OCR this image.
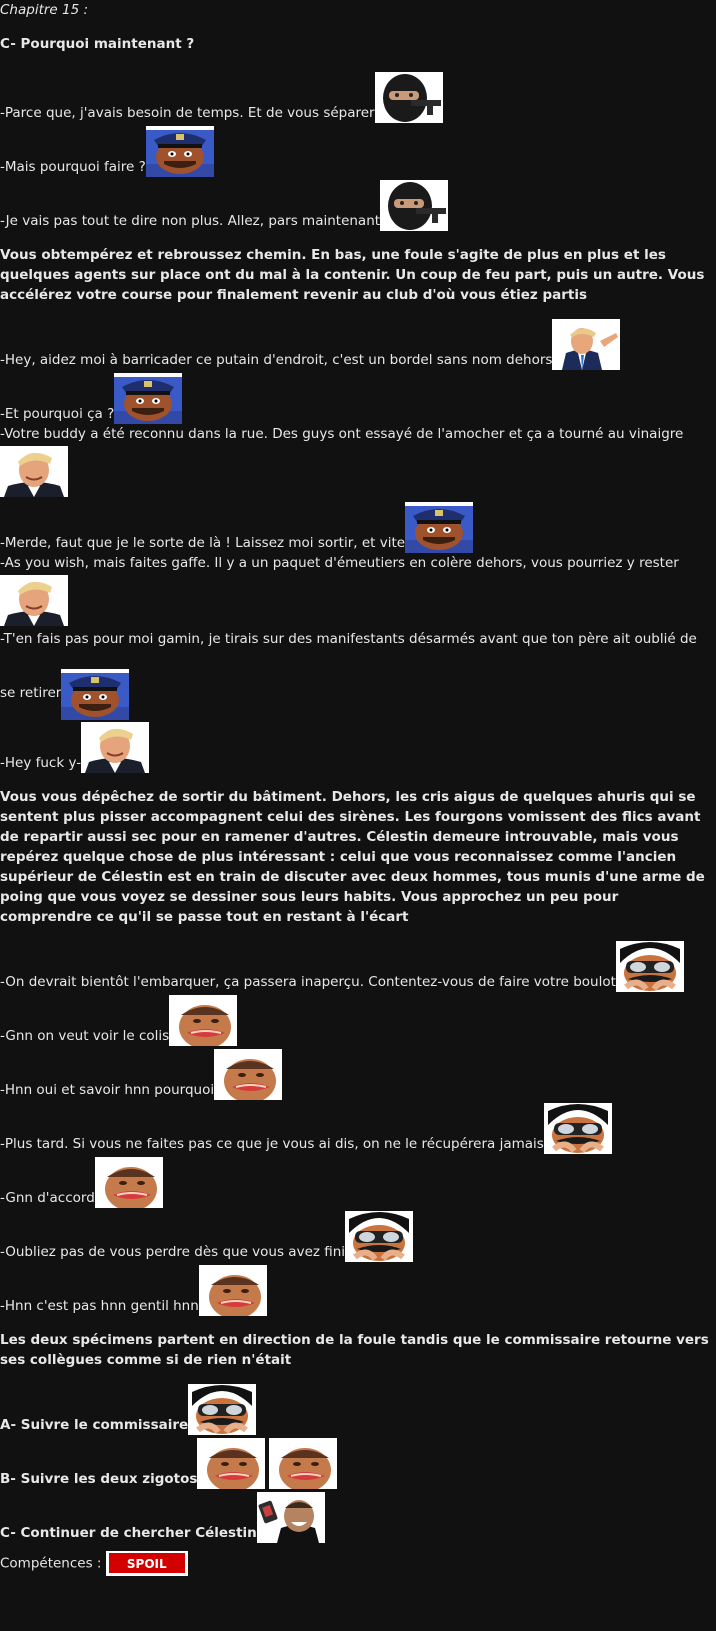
Chapitre 15 :

C- Pourquoi maintenant ?

-Parce que, j'avais besoin de temps. Et de vous séparer

-Mais pourquoi faire ?

-Je vais pas tout te dire non plus. Allez, pars maintenant

Vous obtempérez et rebroussez chemin. En bas, une foule s'agite de plus en plus et les quelques agents sur place ont du mal à la contenir. Un coup de feu part, puis un autre. Vous accélérez votre course pour finalement revenir au club d'où vous étiez partis

-Hey, aidez moi à barricader ce putain d'endroit, c'est un bordel sans nom dehors

-Et pourquoi ça ?

-Votre buddy a été reconnu dans la rue. Des guys ont essayé de l'amocher et ça a tourné au vinaigre

-Merde, faut que je le sorte de là ! Laissez moi sortir, et vite

-As you wish, mais faites gaffe. Il y a un paquet d'émeutiers en colère dehors, vous pourriez y rester

-T'en fais pas pour moi gamin, je tirais sur des manifestants désarmés avant que ton père ait oublié de se retirer

-Hey fuck y-

Vous vous dépêchez de sortir du bâtiment. Dehors, les cris aigus de quelques ahuris qui se sentent plus pisser accompagnent celui des sirènes. Les fourgons vomissent des flics avant de repartir aussi sec pour en ramener d'autres. Célestin demeure introuvable, mais vous repérez quelque chose de plus intéressant : celui que vous reconnaissez comme l'ancien supérieur de Célestin est en train de discuter avec deux hommes, tous munis d'une arme de poing que vous voyez se dessiner sous leurs habits. Vous approchez un peu pour comprendre ce qu'il se passe tout en restant à l'écart

-On devrait bientôt l'embarquer, ça passera inaperçu. Contentez-vous de faire votre boulot

-Gnn on veut voir le colis

-Hnn oui et savoir hnn pourquoi

-Plus tard. Si vous ne faites pas ce que je vous ai dis, on ne le récupérera jamais

-Gnn d'accord

-Oubliez pas de vous perdre dès que vous avez fini

-Hnn c'est pas hnn gentil hnn

Les deux spécimens partent en direction de la foule tandis que le commissaire retourne vers ses collègues comme si de rien n'était

A- Suivre le commissaire

B- Suivre les deux zigotos

C- Continuer de chercher Célestin

Compétences : SPOIL
